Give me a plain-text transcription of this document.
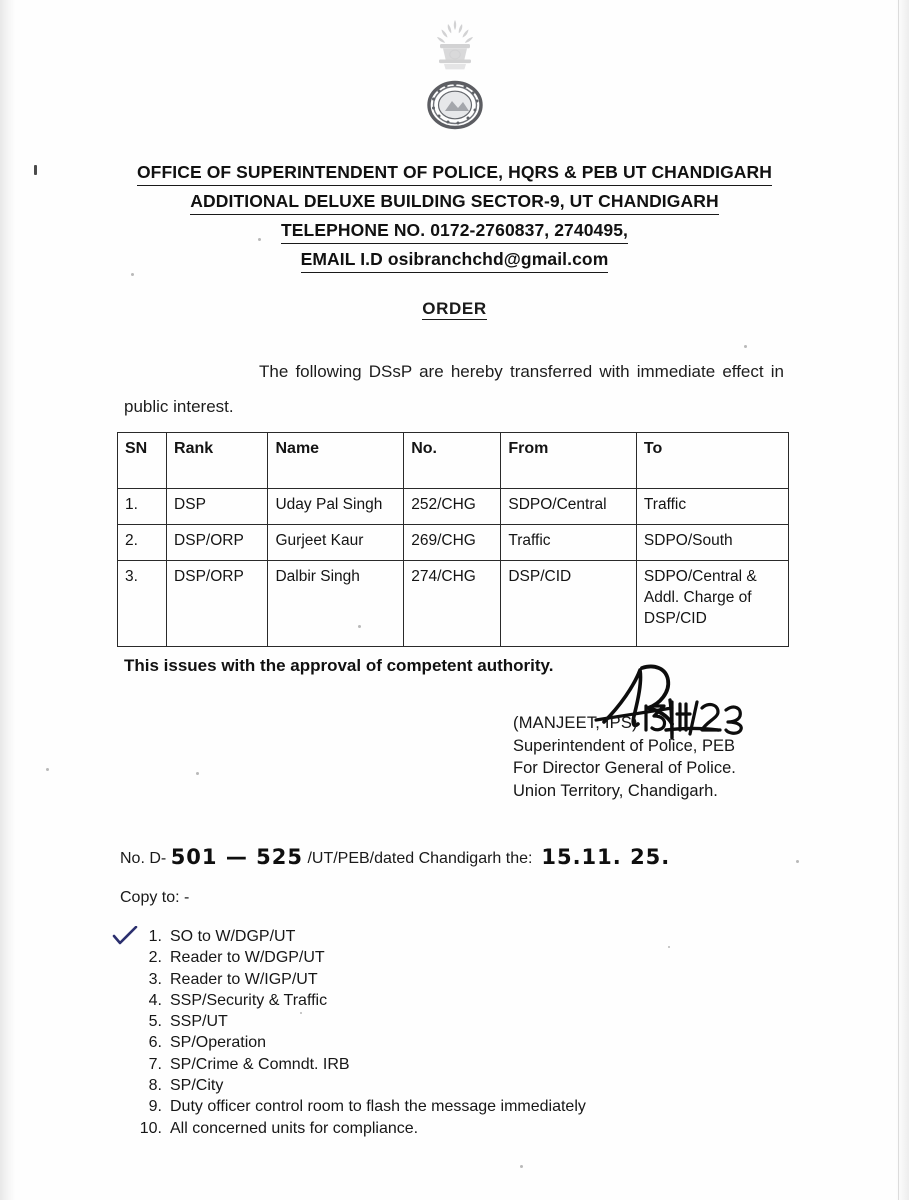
OFFICE OF SUPERINTENDENT OF POLICE, HQRS & PEB UT CHANDIGARH
ADDITIONAL DELUXE BUILDING SECTOR-9, UT CHANDIGARH
TELEPHONE NO. 0172-2760837, 2740495,
EMAIL I.D osibranchchd@gmail.com
ORDER
The following DSsP are hereby transferred with immediate effect in public interest.
SN	Rank	Name	No.	From	To
1.	DSP	Uday Pal Singh	252/CHG	SDPO/Central	Traffic
2.	DSP/ORP	Gurjeet Kaur	269/CHG	Traffic	SDPO/South
3.	DSP/ORP	Dalbir Singh	274/CHG	DSP/CID	SDPO/Central & Addl. Charge of DSP/CID
This issues with the approval of competent authority.
(MANJEET, IPS)
Superintendent of Police, PEB
For Director General of Police.
Union Territory, Chandigarh.
No. D- 501 — 525 /UT/PEB/dated Chandigarh the: 15.11. 25.
Copy to: -
1. SO to W/DGP/UT
2. Reader to W/DGP/UT
3. Reader to W/IGP/UT
4. SSP/Security & Traffic
5. SSP/UT
6. SP/Operation
7. SP/Crime & Comndt. IRB
8. SP/City
9. Duty officer control room to flash the message immediately
10. All concerned units for compliance.
